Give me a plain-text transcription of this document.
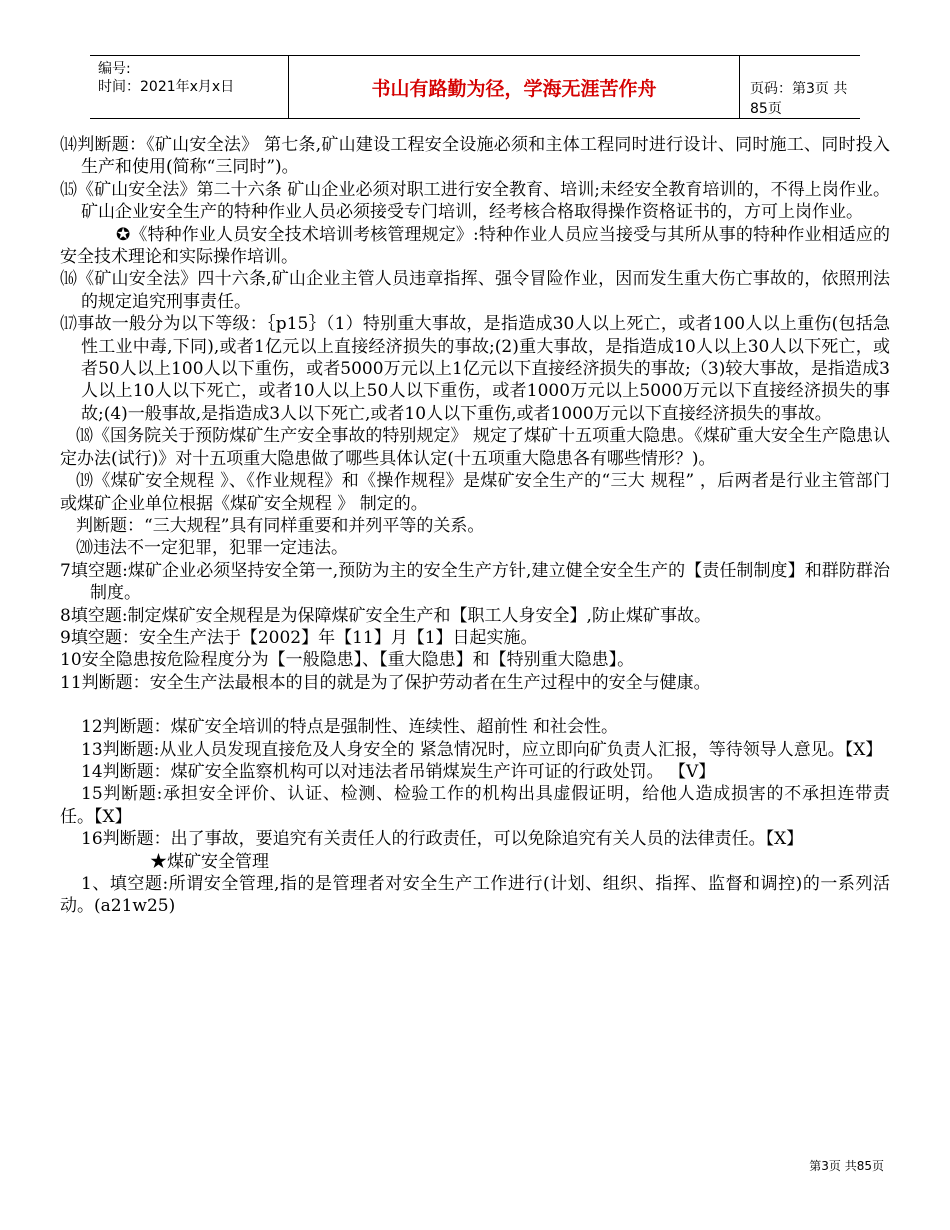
编号:
时间：2021年x月x日	书山有路勤为径，学海无涯苦作舟	页码：第3页 共85页

⒁判断题：《矿山安全法》 第七条,矿山建设工程安全设施必须和主体工程同时进行设计、同时施工、同时投入生产和使用(简称“三同时”)。

⒂《矿山安全法》第二十六条 矿山企业必须对职工进行安全教育、培训;未经安全教育培训的，不得上岗作业。矿山企业安全生产的特种作业人员必须接受专门培训，经考核合格取得操作资格证书的，方可上岗作业。

✪《特种作业人员安全技术培训考核管理规定》:特种作业人员应当接受与其所从事的特种作业相适应的安全技术理论和实际操作培训。

⒃《矿山安全法》四十六条,矿山企业主管人员违章指挥、强令冒险作业，因而发生重大伤亡事故的，依照刑法的规定追究刑事责任。

⒄事故一般分为以下等级：｛p15｝（1）特别重大事故，是指造成30人以上死亡，或者100人以上重伤(包括急性工业中毒,下同),或者1亿元以上直接经济损失的事故;(2)重大事故，是指造成10人以上30人以下死亡，或者50人以上100人以下重伤，或者5000万元以上1亿元以下直接经济损失的事故;（3)较大事故，是指造成3人以上10人以下死亡，或者10人以上50人以下重伤，或者1000万元以上5000万元以下直接经济损失的事故;(4)一般事故,是指造成3人以下死亡,或者10人以下重伤,或者1000万元以下直接经济损失的事故。

⒅《国务院关于预防煤矿生产安全事故的特别规定》 规定了煤矿十五项重大隐患。《煤矿重大安全生产隐患认定办法(试行)》对十五项重大隐患做了哪些具体认定(十五项重大隐患各有哪些情形？)。

⒆《煤矿安全规程 》、《作业规程》和《操作规程》是煤矿安全生产的“三大 规程” ，后两者是行业主管部门或煤矿企业单位根据《煤矿安全规程 》 制定的。

判断题：“三大规程”具有同样重要和并列平等的关系。

⒇违法不一定犯罪，犯罪一定违法。

7填空题:煤矿企业必须坚持安全第一,预防为主的安全生产方针,建立健全安全生产的【责任制制度】和群防群治制度。

8填空题:制定煤矿安全规程是为保障煤矿安全生产和【职工人身安全】,防止煤矿事故。

9填空题：安全生产法于【2002】年【11】月【1】日起实施。

10安全隐患按危险程度分为【一般隐患】、【重大隐患】和【特别重大隐患】。

11判断题：安全生产法最根本的目的就是为了保护劳动者在生产过程中的安全与健康。

12判断题：煤矿安全培训的特点是强制性、连续性、超前性 和社会性。

13判断题:从业人员发现直接危及人身安全的 紧急情况时，应立即向矿负责人汇报，等待领导人意见。【X】

14判断题：煤矿安全监察机构可以对违法者吊销煤炭生产许可证的行政处罚。 【V】

15判断题:承担安全评价、认证、检测、检验工作的机构出具虚假证明，给他人造成损害的不承担连带责任。【X】

16判断题：出了事故，要追究有关责任人的行政责任，可以免除追究有关人员的法律责任。【X】

★煤矿安全管理

1、填空题:所谓安全管理,指的是管理者对安全生产工作进行(计划、组织、指挥、监督和调控)的一系列活动。(a21w25)

第3页 共85页
